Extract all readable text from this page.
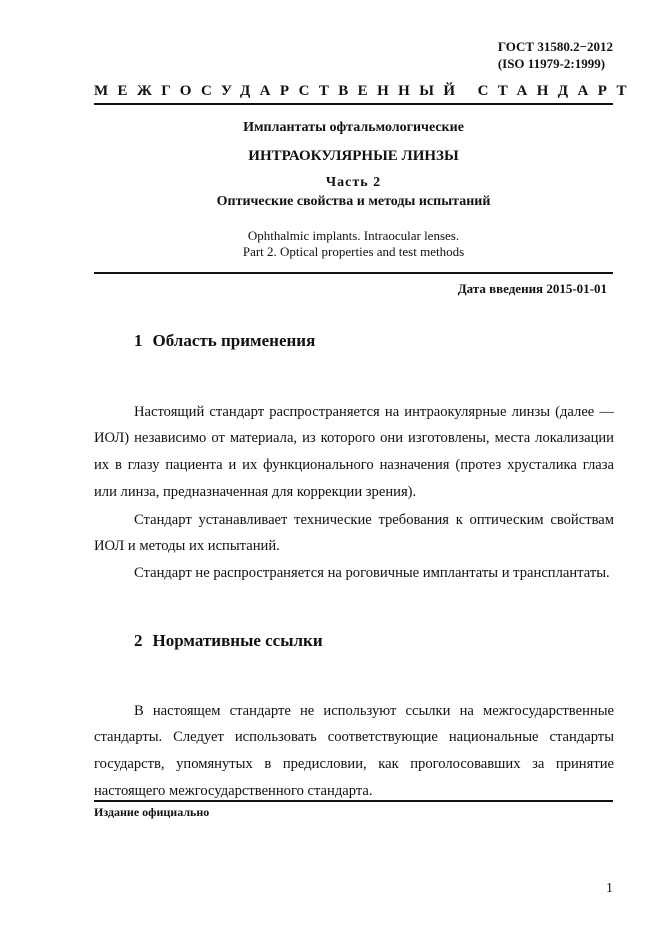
ГОСТ 31580.2−2012
(ISO 11979-2:1999)
МЕЖГОСУДАРСТВЕННЫЙ СТАНДАРТ
Имплантаты офтальмологические
ИНТРАОКУЛЯРНЫЕ ЛИНЗЫ
Часть 2
Оптические свойства и методы испытаний
Ophthalmic implants. Intraocular lenses.
Part 2. Optical properties and test methods
Дата введения 2015-01-01
1 Область применения

Настоящий стандарт распространяется на интраокулярные линзы (далее — ИОЛ) независимо от материала, из которого они изготовлены, места локализации их в глазу пациента и их функционального назначения (протез хрусталика глаза или линза, предназначенная для коррекции зрения).

Стандарт устанавливает технические требования к оптическим свойствам ИОЛ и методы их испытаний.

Стандарт не распространяется на роговичные имплантаты и трансплантаты.

2 Нормативные ссылки

В настоящем стандарте не используют ссылки на межгосударственные стандарты. Следует использовать соответствующие национальные стандарты государств, упомянутых в предисловии, как проголосовавших за принятие настоящего межгосударственного стандарта.

Издание официально
1
